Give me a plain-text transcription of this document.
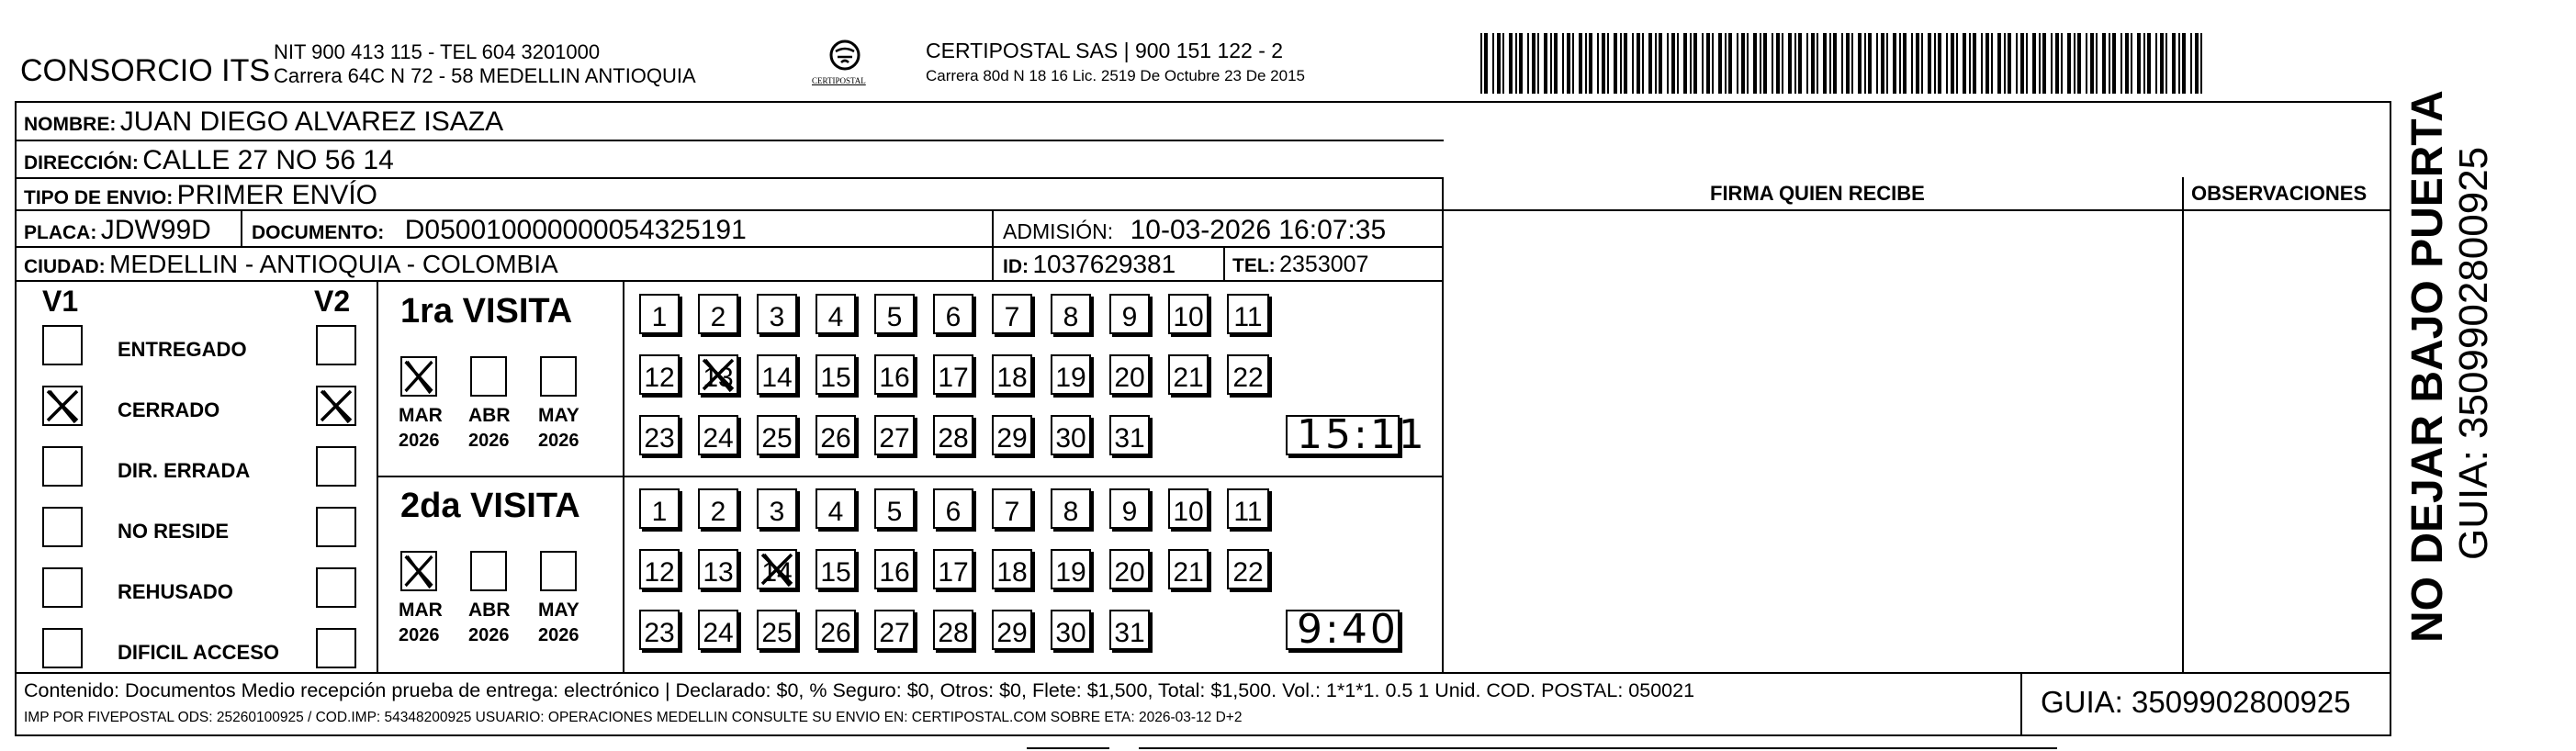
CONSORCIO ITS
NIT 900 413 115 - TEL 604 3201000
Carrera 64C N 72 - 58 MEDELLIN ANTIOQUIA	CERTIPOSTAL
CERTIPOSTAL SAS | 900 151 122 - 2
Carrera 80d N 18 16 Lic. 2519 De Octubre 23 De 2015
NOMBRE: JUAN DIEGO ALVAREZ ISAZA
DIRECCIÓN: CALLE 27 NO 56 14
TIPO DE ENVIO: PRIMER ENVÍO
PLACA: JDW99D DOCUMENTO: D050010000000054325191	ADMISIÓN: 10-03-2026 16:07:35
CIUDAD: MEDELLIN - ANTIOQUIA - COLOMBIA	ID: 1037629381	TEL: 2353007
FIRMA QUIEN RECIBE	OBSERVACIONES
V1	V2
ENTREGADO
CERRADO
DIR. ERRADA
NO RESIDE
REHUSADO
DIFICIL ACCESO
1ra VISITA
MAR
2026
ABR
2026
MAY
2026
1	2	3	4	5	6	7	8	9	10 11
12 13 14 15 16 17 18 19 20 21 22
23 24 25 26 27 28 29 30 31	15:11
2da VISITA
MAR
2026
ABR
2026
MAY
2026
1	2	3	4	5	6	7	8	9	10 11
12 13 14 15 16 17 18 19 20 21 22
23 24 25 26 27 28 29 30 31	9:40
Contenido: Documentos Medio recepción prueba de entrega: electrónico | Declarado: $0, % Seguro: $0, Otros: $0, Flete: $1,500, Total: $1,500. Vol.: 1*1*1. 0.5 1 Unid. COD. POSTAL: 050021
IMP POR FIVEPOSTAL ODS: 25260100925 / COD.IMP: 54348200925 USUARIO: OPERACIONES MEDELLIN CONSULTE SU ENVIO EN: CERTIPOSTAL.COM SOBRE ETA: 2026-03-12 D+2	GUIA: 3509902800925
NO DEJAR BAJO PUERTA GUIA: 3509902800925
